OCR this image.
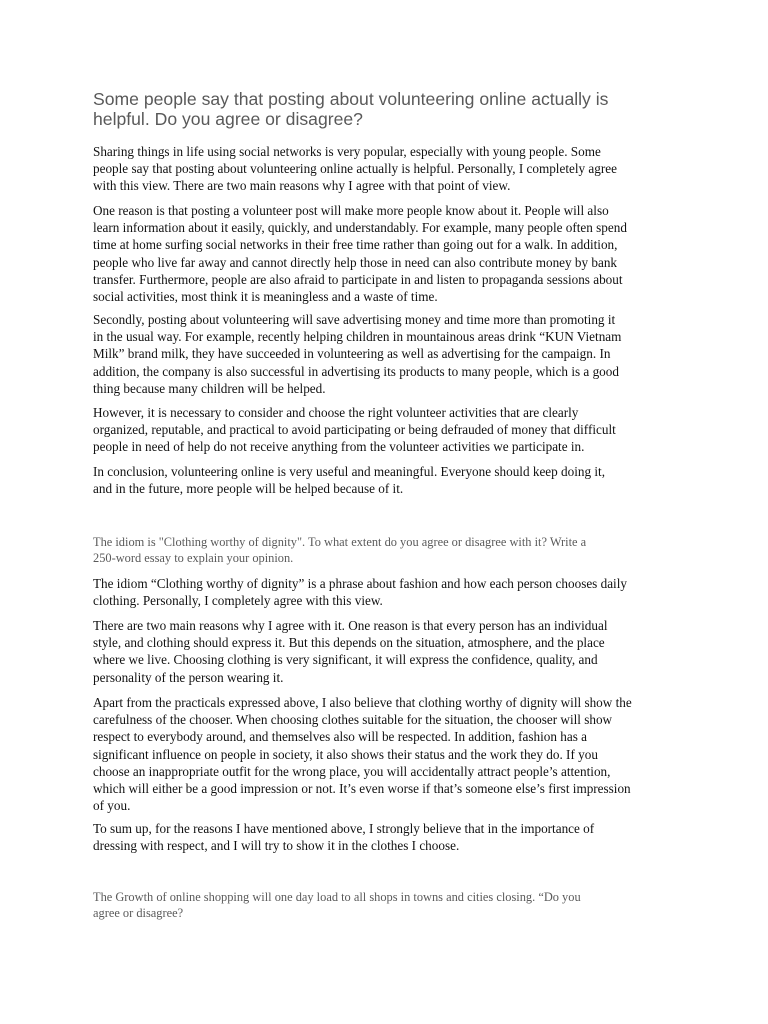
Some people say that posting about volunteering online actually is
helpful. Do you agree or disagree?

Sharing things in life using social networks is very popular, especially with young people. Some
people say that posting about volunteering online actually is helpful. Personally, I completely agree
with this view. There are two main reasons why I agree with that point of view.

One reason is that posting a volunteer post will make more people know about it. People will also
learn information about it easily, quickly, and understandably. For example, many people often spend
time at home surfing social networks in their free time rather than going out for a walk. In addition,
people who live far away and cannot directly help those in need can also contribute money by bank
transfer. Furthermore, people are also afraid to participate in and listen to propaganda sessions about
social activities, most think it is meaningless and a waste of time.

Secondly, posting about volunteering will save advertising money and time more than promoting it
in the usual way. For example, recently helping children in mountainous areas drink “KUN Vietnam
Milk” brand milk, they have succeeded in volunteering as well as advertising for the campaign. In
addition, the company is also successful in advertising its products to many people, which is a good
thing because many children will be helped.

However, it is necessary to consider and choose the right volunteer activities that are clearly
organized, reputable, and practical to avoid participating or being defrauded of money that difficult
people in need of help do not receive anything from the volunteer activities we participate in.

In conclusion, volunteering online is very useful and meaningful. Everyone should keep doing it,
and in the future, more people will be helped because of it.

The idiom is "Clothing worthy of dignity". To what extent do you agree or disagree with it? Write a
250-word essay to explain your opinion.

The idiom “Clothing worthy of dignity” is a phrase about fashion and how each person chooses daily
clothing. Personally, I completely agree with this view.

There are two main reasons why I agree with it. One reason is that every person has an individual
style, and clothing should express it. But this depends on the situation, atmosphere, and the place
where we live. Choosing clothing is very significant, it will express the confidence, quality, and
personality of the person wearing it.

Apart from the practicals expressed above, I also believe that clothing worthy of dignity will show the
carefulness of the chooser. When choosing clothes suitable for the situation, the chooser will show
respect to everybody around, and themselves also will be respected. In addition, fashion has a
significant influence on people in society, it also shows their status and the work they do. If you
choose an inappropriate outfit for the wrong place, you will accidentally attract people’s attention,
which will either be a good impression or not. It’s even worse if that’s someone else’s first impression
of you.

To sum up, for the reasons I have mentioned above, I strongly believe that in the importance of
dressing with respect, and I will try to show it in the clothes I choose.

The Growth of online shopping will one day load to all shops in towns and cities closing. “Do you
agree or disagree?
